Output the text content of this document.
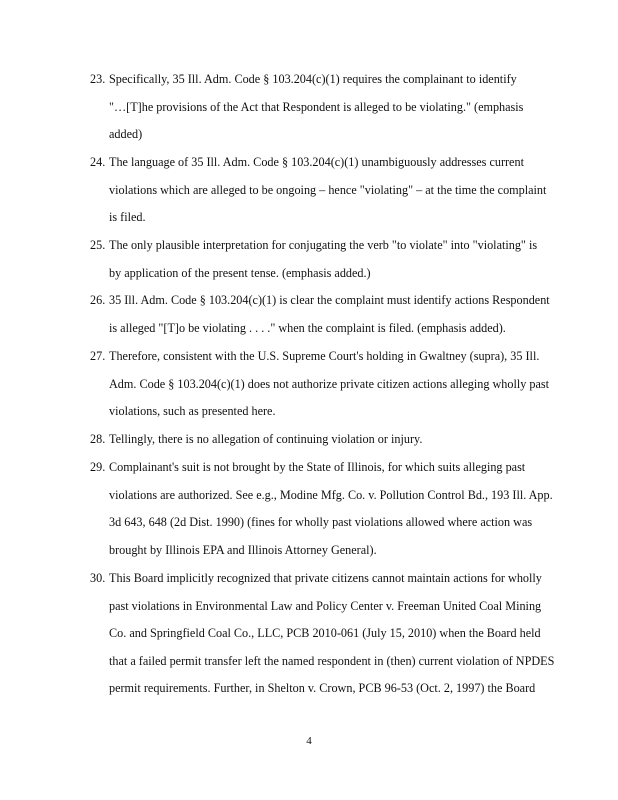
23. Specifically, 35 Ill. Adm. Code § 103.204(c)(1) requires the complainant to identify
"…[T]he provisions of the Act that Respondent is alleged to be violating." (emphasis
added)
24. The language of 35 Ill. Adm. Code § 103.204(c)(1) unambiguously addresses current
violations which are alleged to be ongoing – hence "violating" – at the time the complaint
is filed.
25. The only plausible interpretation for conjugating the verb "to violate" into "violating" is
by application of the present tense. (emphasis added.)
26. 35 Ill. Adm. Code § 103.204(c)(1) is clear the complaint must identify actions Respondent
is alleged "[T]o be violating . . . ." when the complaint is filed. (emphasis added).
27. Therefore, consistent with the U.S. Supreme Court's holding in Gwaltney (supra), 35 Ill.
Adm. Code § 103.204(c)(1) does not authorize private citizen actions alleging wholly past
violations, such as presented here.
28. Tellingly, there is no allegation of continuing violation or injury.
29. Complainant's suit is not brought by the State of Illinois, for which suits alleging past
violations are authorized. See e.g., Modine Mfg. Co. v. Pollution Control Bd., 193 Ill. App.
3d 643, 648 (2d Dist. 1990) (fines for wholly past violations allowed where action was
brought by Illinois EPA and Illinois Attorney General).
30. This Board implicitly recognized that private citizens cannot maintain actions for wholly
past violations in Environmental Law and Policy Center v. Freeman United Coal Mining
Co. and Springfield Coal Co., LLC, PCB 2010-061 (July 15, 2010) when the Board held
that a failed permit transfer left the named respondent in (then) current violation of NPDES
permit requirements. Further, in Shelton v. Crown, PCB 96-53 (Oct. 2, 1997) the Board
4
